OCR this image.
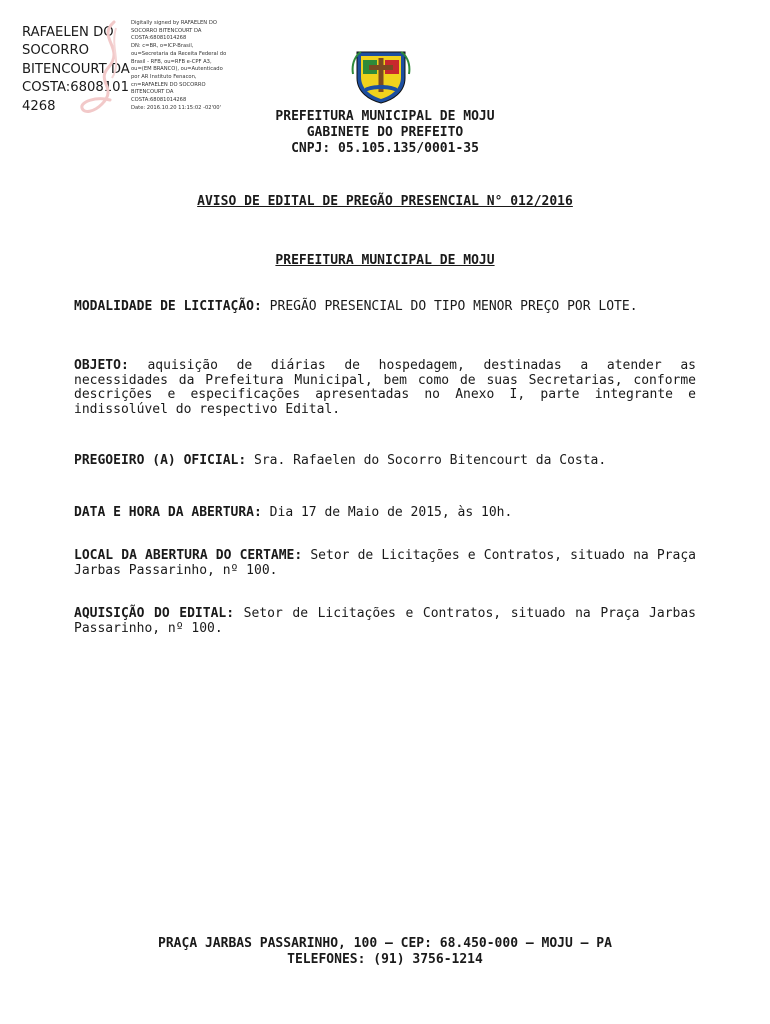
RAFAELEN DO
SOCORRO
BITENCOURT DA
COSTA:6808101
4268
Digitally signed by RAFAELEN DO
SOCORRO BITENCOURT DA
COSTA:68081014268
DN: c=BR, o=ICP-Brasil,
ou=Secretaria da Receita Federal do
Brasil - RFB, ou=RFB e-CPF A3,
ou=(EM BRANCO), ou=Autenticado
por AR Instituto Fenacon,
cn=RAFAELEN DO SOCORRO
BITENCOURT DA
COSTA:68081014268
Date: 2016.10.20 11:15:02 -02'00'
PREFEITURA MUNICIPAL DE MOJU
GABINETE DO PREFEITO
CNPJ: 05.105.135/0001-35
AVISO DE EDITAL DE PREGÃO PRESENCIAL N° 012/2016
PREFEITURA MUNICIPAL DE MOJU
MODALIDADE DE LICITAÇÃO: PREGÃO PRESENCIAL DO TIPO MENOR PREÇO POR LOTE.
OBJETO: aquisição de diárias de hospedagem, destinadas a atender as necessidades da Prefeitura Municipal, bem como de suas Secretarias, conforme descrições e especificações apresentadas no Anexo I, parte integrante e indissolúvel do respectivo Edital.
PREGOEIRO (A) OFICIAL: Sra. Rafaelen do Socorro Bitencourt da Costa.
DATA E HORA DA ABERTURA: Dia 17 de Maio de 2015, às 10h.
LOCAL DA ABERTURA DO CERTAME: Setor de Licitações e Contratos, situado na Praça Jarbas Passarinho, nº 100.
AQUISIÇÃO DO EDITAL: Setor de Licitações e Contratos, situado na Praça Jarbas Passarinho, nº 100.
PRAÇA JARBAS PASSARINHO, 100 – CEP: 68.450-000 – MOJU – PA
TELEFONES: (91) 3756-1214
